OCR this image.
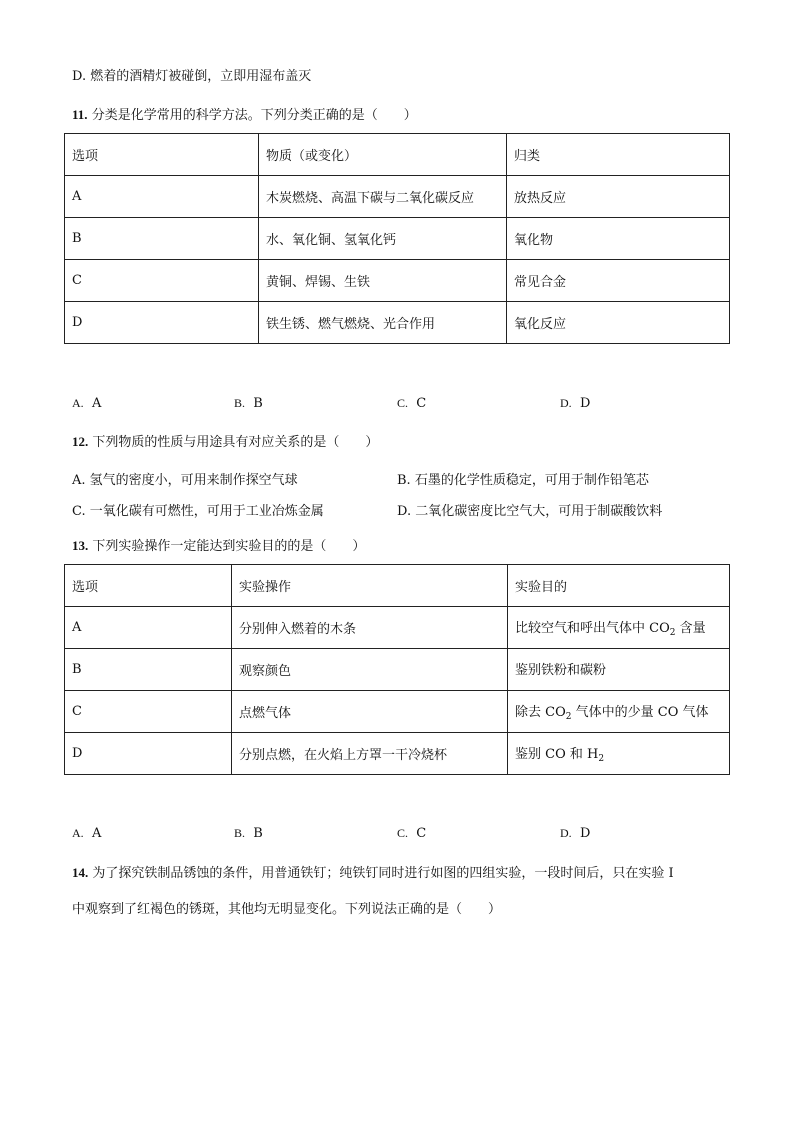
D. 燃着的酒精灯被碰倒，立即用湿布盖灭
11. 分类是化学常用的科学方法。下列分类正确的是（　　）
选项	物质（或变化）	归类
A	木炭燃烧、高温下碳与二氧化碳反应	放热反应
B	水、氧化铜、氢氧化钙	氧化物
C	黄铜、焊锡、生铁	常见合金
D	铁生锈、燃气燃烧、光合作用	氧化反应
A. A	B. B	C. C	D. D
12. 下列物质的性质与用途具有对应关系的是（　　）
A. 氢气的密度小，可用来制作探空气球	B. 石墨的化学性质稳定，可用于制作铅笔芯
C. 一氧化碳有可燃性，可用于工业冶炼金属	D. 二氧化碳密度比空气大，可用于制碳酸饮料
13. 下列实验操作一定能达到实验目的的是（　　）
选项	实验操作	实验目的
A	分别伸入燃着的木条	比较空气和呼出气体中 $CO_2$ 含量
B	观察颜色	鉴别铁粉和碳粉
C	点燃气体	除去 $CO_2$ 气体中的少量 CO 气体
D	分别点燃，在火焰上方罩一干冷烧杯	鉴别 CO 和 $H_2$
A. A	B. B	C. C	D. D
14. 为了探究铁制品锈蚀的条件，用普通铁钉；纯铁钉同时进行如图的四组实验，一段时间后，只在实验 I
中观察到了红褐色的锈斑，其他均无明显变化。下列说法正确的是（　　）
